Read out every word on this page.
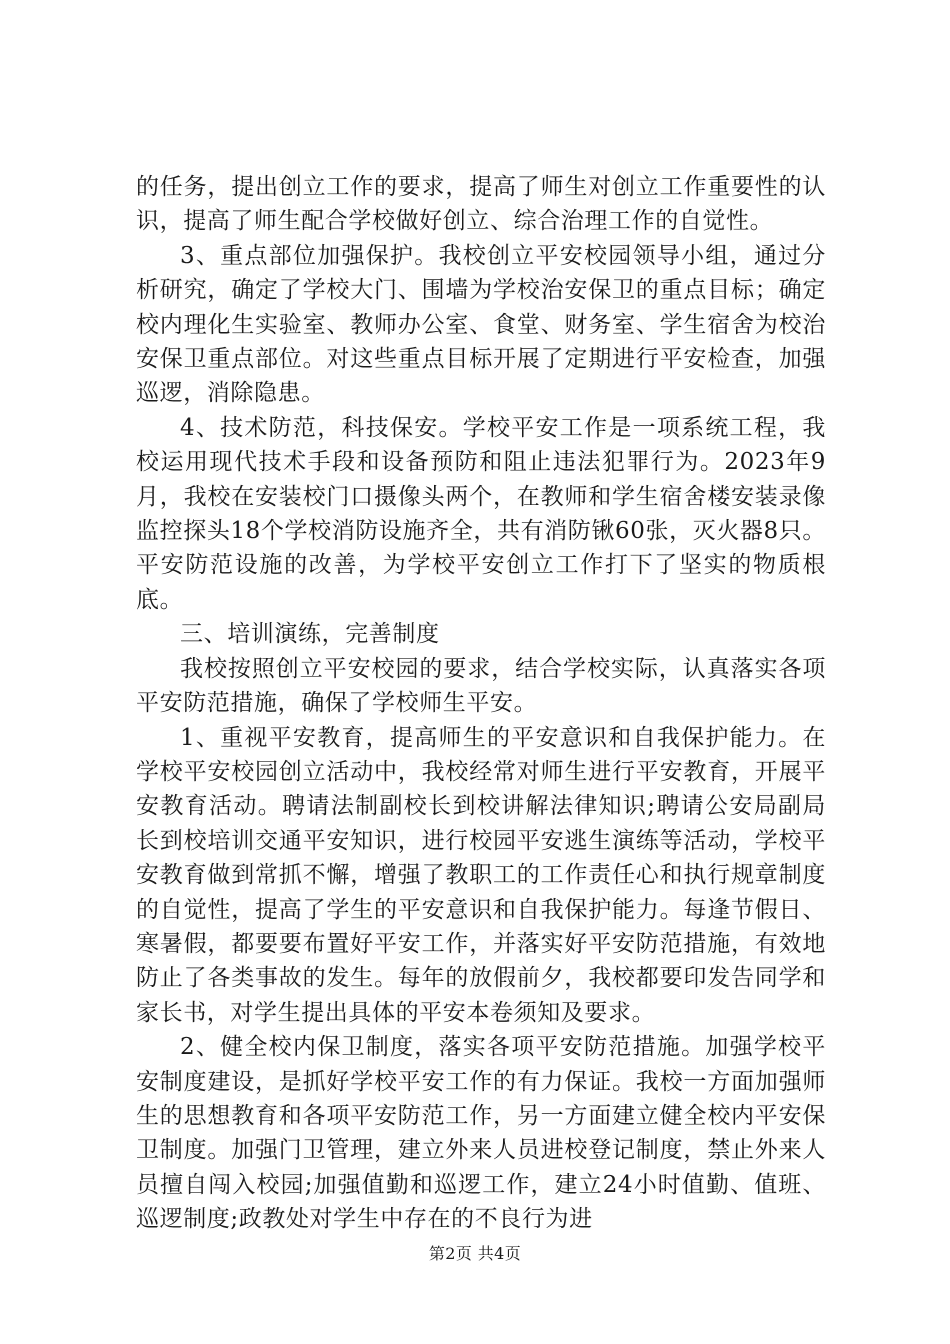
的任务，提出创立工作的要求，提高了师生对创立工作重要性的认识，提高了师生配合学校做好创立、综合治理工作的自觉性。

3、重点部位加强保护。我校创立平安校园领导小组，通过分析研究，确定了学校大门、围墙为学校治安保卫的重点目标；确定校内理化生实验室、教师办公室、食堂、财务室、学生宿舍为校治安保卫重点部位。对这些重点目标开展了定期进行平安检查，加强巡逻，消除隐患。

4、技术防范，科技保安。学校平安工作是一项系统工程，我校运用现代技术手段和设备预防和阻止违法犯罪行为。2023年9月，我校在安装校门口摄像头两个，在教师和学生宿舍楼安装录像监控探头18个学校消防设施齐全，共有消防锹60张，灭火器8只。平安防范设施的改善，为学校平安创立工作打下了坚实的物质根底。

三、培训演练，完善制度

我校按照创立平安校园的要求，结合学校实际，认真落实各项平安防范措施，确保了学校师生平安。

1、重视平安教育，提高师生的平安意识和自我保护能力。在学校平安校园创立活动中，我校经常对师生进行平安教育，开展平安教育活动。聘请法制副校长到校讲解法律知识;聘请公安局副局长到校培训交通平安知识，进行校园平安逃生演练等活动，学校平安教育做到常抓不懈，增强了教职工的工作责任心和执行规章制度的自觉性，提高了学生的平安意识和自我保护能力。每逢节假日、寒暑假，都要要布置好平安工作，并落实好平安防范措施，有效地防止了各类事故的发生。每年的放假前夕，我校都要印发告同学和家长书，对学生提出具体的平安本卷须知及要求。

2、健全校内保卫制度，落实各项平安防范措施。加强学校平安制度建设，是抓好学校平安工作的有力保证。我校一方面加强师生的思想教育和各项平安防范工作，另一方面建立健全校内平安保卫制度。加强门卫管理，建立外来人员进校登记制度，禁止外来人员擅自闯入校园;加强值勤和巡逻工作，建立24小时值勤、值班、巡逻制度;政教处对学生中存在的不良行为进

第2页 共4页
